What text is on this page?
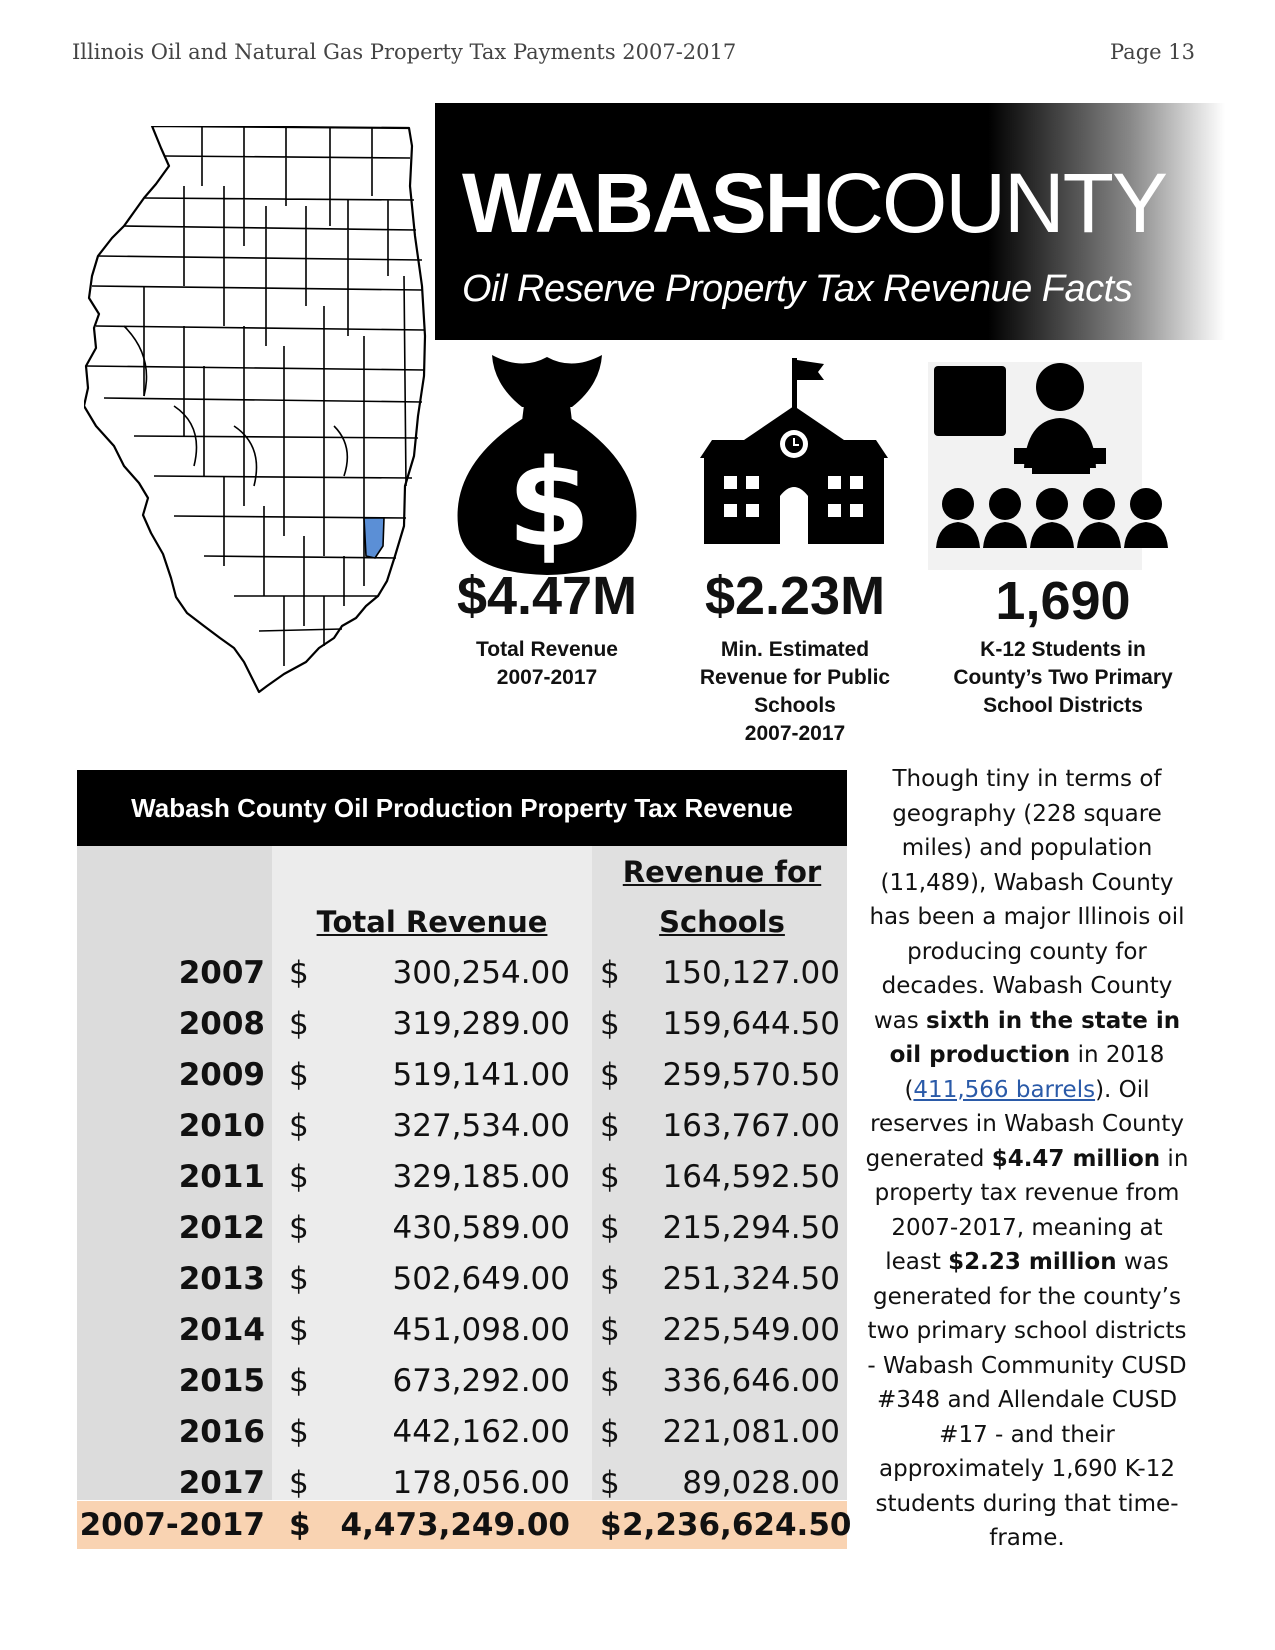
Illinois Oil and Natural Gas Property Tax Payments 2007-2017	Page 13
WABASHCOUNTY
Oil Reserve Property Tax Revenue Facts
$
$4.47M
Total Revenue
2007-2017
$2.23M
Min. Estimated
Revenue for Public
Schools
2007-2017
1,690
K-12 Students in
County’s Two Primary
School Districts
Wabash County Oil Production Property Tax Revenue
Revenue for
Total Revenue	Schools
2007 $	300,254.00 $	150,127.00
2008 $	319,289.00 $	159,644.50
2009 $	519,141.00 $	259,570.50
2010 $	327,534.00 $	163,767.00
2011 $	329,185.00 $	164,592.50
2012 $	430,589.00 $	215,294.50
2013 $	502,649.00 $	251,324.50
2014 $	451,098.00 $	225,549.00
2015 $	673,292.00 $	336,646.00
2016 $	442,162.00 $	221,081.00
2017 $	178,056.00 $	89,028.00
2007-2017 $ 4,473,249.00 $ 2,236,624.50
Though tiny in terms of geography (228 square miles) and population (11,489), Wabash County has been a major Illinois oil producing county for decades. Wabash County was sixth in the state in oil production in 2018 (411,566 barrels). Oil reserves in Wabash County generated $4.47 million in property tax revenue from 2007-2017, meaning at least $2.23 million was generated for the county’s two primary school districts - Wabash Community CUSD #348 and Allendale CUSD #17 - and their approximately 1,690 K-12 students during that time-frame.
